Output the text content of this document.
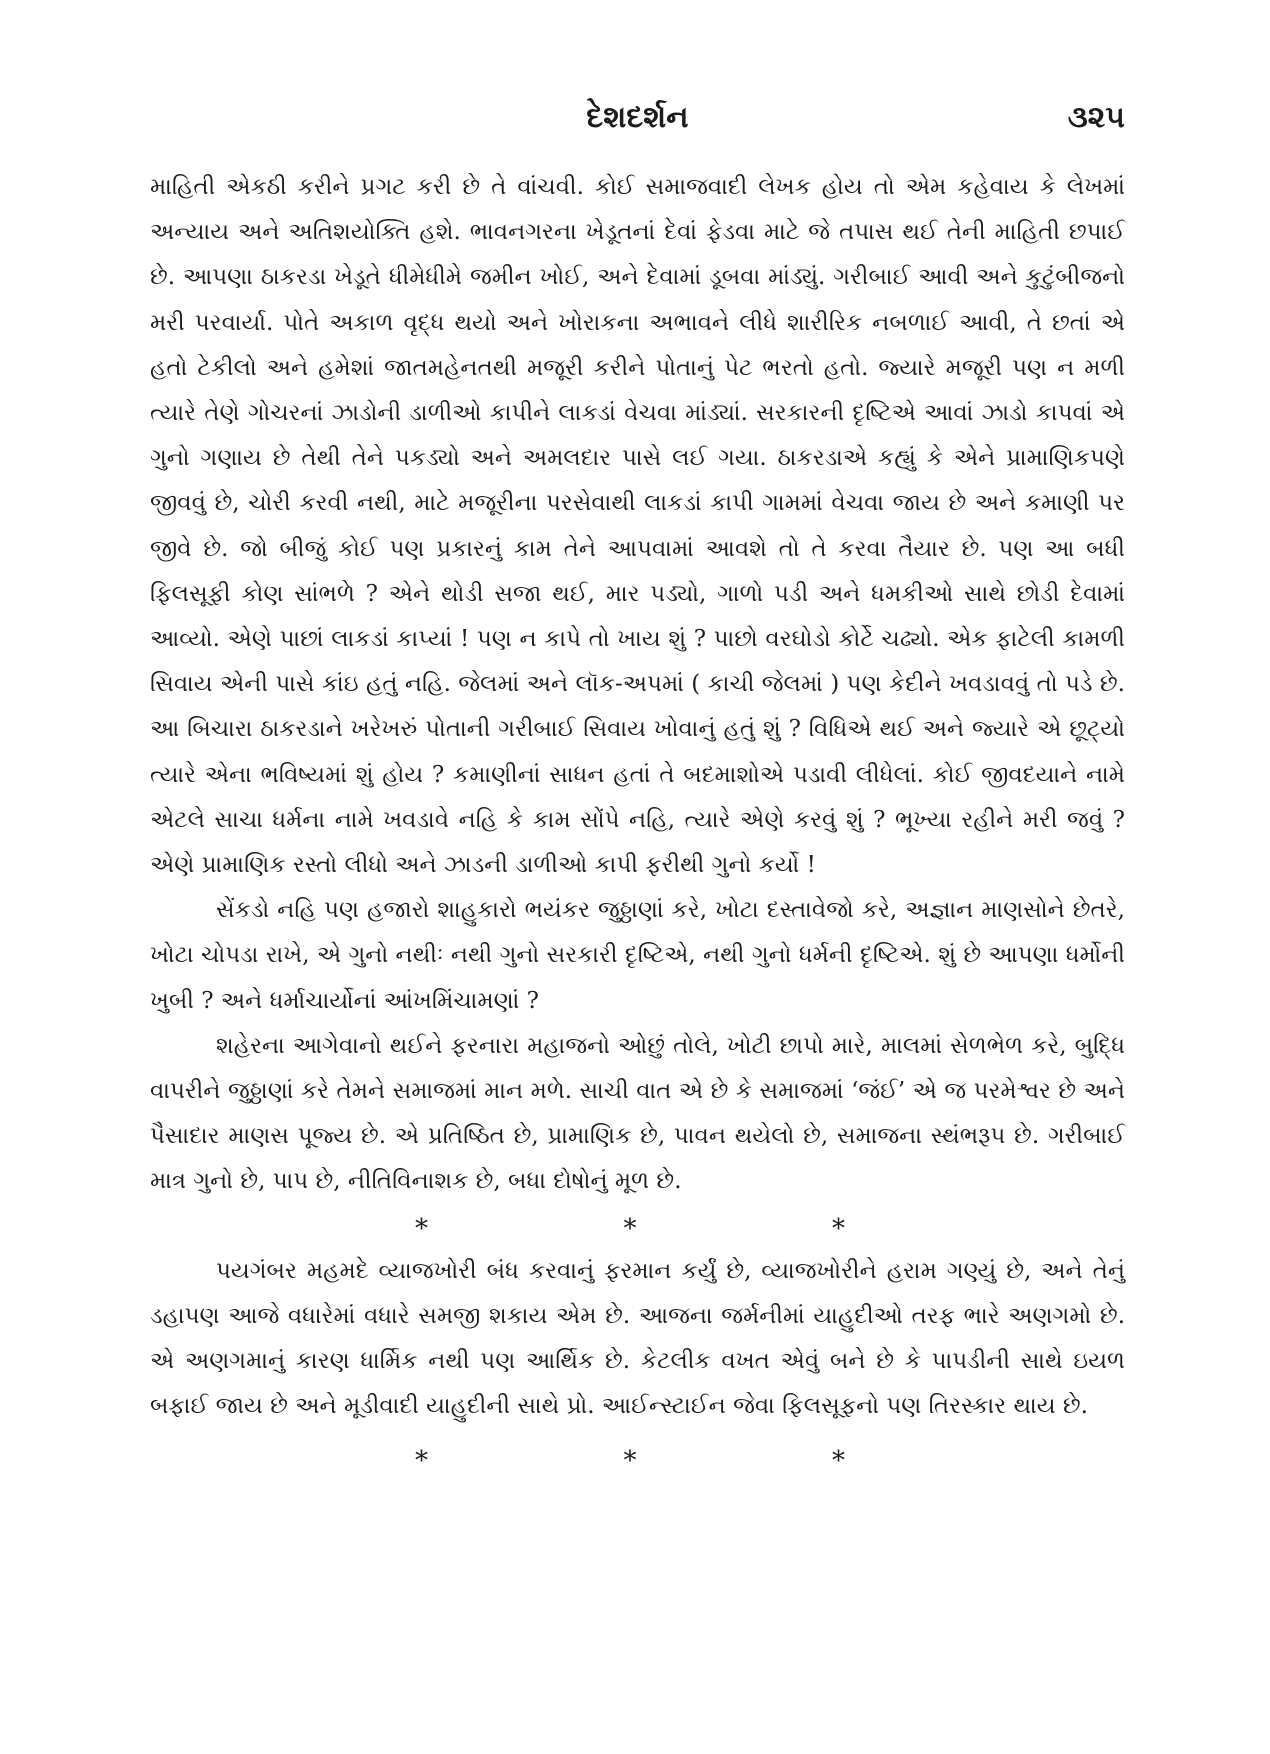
દેશદર્શન	૩૨૫

માહિતી એકઠી કરીને પ્રગટ કરી છે તે વાંચવી. કોઈ સમાજવાદી લેખક હોય તો એમ કહેવાય કે લેખમાં અન્યાય અને અતિશયોક્તિ હશે. ભાવનગરના ખેડૂતનાં દેવાં ફેડવા માટે જે તપાસ થઈ તેની માહિતી છપાઈ છે. આપણા ઠાકરડા ખેડૂતે ધીમેધીમે જમીન ખોઈ, અને દેવામાં ડૂબવા માંડ્યું. ગરીબાઈ આવી અને કુટુંબીજનો મરી પરવાર્યા. પોતે અકાળ વૃદ્ધ થયો અને ખોરાકના અભાવને લીધે શારીરિક નબળાઈ આવી, તે છતાં એ હતો ટેકીલો અને હમેશાં જાતમહેનતથી મજૂરી કરીને પોતાનું પેટ ભરતો હતો. જ્યારે મજૂરી પણ ન મળી ત્યારે તેણે ગોચરનાં ઝાડોની ડાળીઓ કાપીને લાકડાં વેચવા માંડ્યાં. સરકારની દૃષ્ટિએ આવાં ઝાડો કાપવાં એ ગુનો ગણાય છે તેથી તેને પકડ્યો અને અમલદાર પાસે લઈ ગયા. ઠાકરડાએ કહ્યું કે એને પ્રામાણિકપણે જીવવું છે, ચોરી કરવી નથી, માટે મજૂરીના પરસેવાથી લાકડાં કાપી ગામમાં વેચવા જાય છે અને કમાણી પર જીવે છે. જો બીજું કોઈ પણ પ્રકારનું કામ તેને આપવામાં આવશે તો તે કરવા તૈયાર છે. પણ આ બધી ફિલસૂફી કોણ સાંભળે ? એને થોડી સજા થઈ, માર પડ્યો, ગાળો પડી અને ધમકીઓ સાથે છોડી દેવામાં આવ્યો. એણે પાછાં લાકડાં કાપ્યાં ! પણ ન કાપે તો ખાય શું ? પાછો વરઘોડો કોર્ટે ચઢ્યો. એક ફાટેલી કામળી સિવાય એની પાસે કાંઇ હતું નહિ. જેલમાં અને લૉક-અપમાં ( કાચી જેલમાં ) પણ કેદીને ખવડાવવું તો પડે છે. આ બિચારા ઠાકરડાને ખરેખરું પોતાની ગરીબાઈ સિવાય ખોવાનું હતું શું ? વિધિએ થઈ અને જ્યારે એ છૂટ્યો ત્યારે એના ભવિષ્યમાં શું હોય ? કમાણીનાં સાધન હતાં તે બદમાશોએ પડાવી લીધેલાં. કોઈ જીવદયાને નામે એટલે સાચા ધર્મના નામે ખવડાવે નહિ કે કામ સોંપે નહિ, ત્યારે એણે કરવું શું ? ભૂખ્યા રહીને મરી જવું ? એણે પ્રામાણિક રસ્તો લીધો અને ઝાડની ડાળીઓ કાપી ફરીથી ગુનો કર્યો !

સેંકડો નહિ પણ હજારો શાહુકારો ભયંકર જુઠ્ઠાણાં કરે, ખોટા દસ્તાવેજો કરે, અજ્ઞાન માણસોને છેતરે, ખોટા ચોપડા રાખે, એ ગુનો નથીઃ નથી ગુનો સરકારી દૃષ્ટિએ, નથી ગુનો ધર્મની દૃષ્ટિએ. શું છે આપણા ધર્મોની ખુબી ? અને ધર્માચાર્યોનાં આંખમિંચામણાં ?

શહેરના આગેવાનો થઈને ફરનારા મહાજનો ઓછું તોલે, ખોટી છાપો મારે, માલમાં સેળભેળ કરે, બુદ્ધિ વાપરીને જુઠ્ઠાણાં કરે તેમને સમાજમાં માન મળે. સાચી વાત એ છે કે સમાજમાં ‘જંઈ’ એ જ પરમેશ્વર છે અને પૈસાદાર માણસ પૂજ્ય છે. એ પ્રતિષ્ઠિત છે, પ્રામાણિક છે, પાવન થયેલો છે, સમાજના સ્થંભરૂપ છે. ગરીબાઈ માત્ર ગુનો છે, પાપ છે, નીતિવિનાશક છે, બધા દોષોનું મૂળ છે.

*	*	*

પયગંબર મહમદે વ્યાજખોરી બંધ કરવાનું ફરમાન કર્યું છે, વ્યાજખોરીને હરામ ગણ્યું છે, અને તેનું ડહાપણ આજે વધારેમાં વધારે સમજી શકાય એમ છે. આજના જર્મનીમાં યાહુદીઓ તરફ ભારે અણગમો છે. એ અણગમાનું કારણ ધાર્મિક નથી પણ આર્થિક છે. કેટલીક વખત એવું બને છે કે પાપડીની સાથે ઇયળ બફાઈ જાય છે અને મૂડીવાદી યાહુદીની સાથે પ્રો. આઈન્સ્ટાઈન જેવા ફિલસૂફનો પણ તિરસ્કાર થાય છે.

*	*	*
